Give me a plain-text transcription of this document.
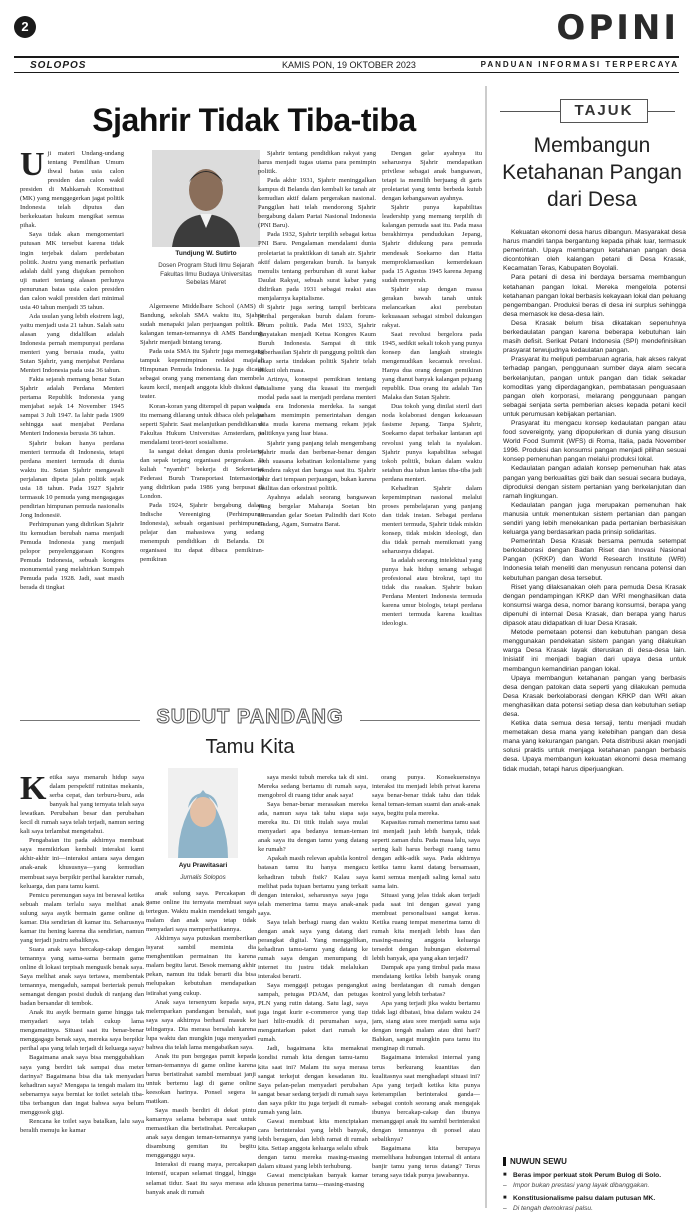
2	OPINI
SOLOPOS	KAMIS PON, 19 OKTOBER 2023	PANDUAN INFORMASI TERPERCAYA
Sjahrir Tidak Tiba-tiba
U ji materi Undang-undang tentang Pemilihan Umum ihwal batas usia calon presiden dan calon wakil presiden di Mahkamah Konstitusi (MK) yang menggegerkan jagat politik Indonesia telah diputus dan berkekuatan hukum mengikat semua pihak.

Saya tidak akan mengomentari putusan MK tersebut karena tidak ingin terjebak dalam perdebatan politik. Justru yang menarik perhatian adalah dalil yang diajukan pemohon uji materi tentang alasan perlunya penurunan batas usia calon presiden dan calon wakil presiden dari minimal usia 40 tahun menjadi 35 tahun.

Ada usulan yang lebih ekstrem lagi, yaitu menjadi usia 21 tahun. Salah satu alasan yang didalilkan adalah Indonesia pernah mempunyai perdana menteri yang berusia muda, yaitu Sutan Sjahrir, yang menjabat Perdana Menteri Indonesia pada usia 36 tahun.

Fakta sejarah memang benar Sutan Sjahrir adalah Perdana Menteri pertama Republik Indonesia yang menjabat sejak 14 November 1945 sampai 3 Juli 1947. Ia lahir pada 1909 sehingga saat menjabat Perdana Menteri Indonesia berusia 36 tahun.

Sjahrir bukan hanya perdana menteri termuda di Indonesia, tetapi perdana menteri termuda di dunia waktu itu. Sutan Sjahrir mengawali perjalanan dipeta jalan politik sejak usia 18 tahun. Pada 1927 Sjahrir termasuk 10 pemuda yang mengagagas pendirian himpunan pemuda nasionalis Jong Indonesië.

Perhimpunan yang didirikan Sjahrir itu kemudian berubah nama menjadi Pemuda Indonesia yang menjadi pelopor penyelenggaraan Kongres Pemuda Indonesia, sebuah kongres monumental yang melahirkan Sumpah Pemuda pada 1928. Jadi, saat masih berada di tingkat

Tundjung W. Sutirto
Dosen Program Studi Ilmu Sejarah Fakultas Ilmu Budaya Universitas Sebelas Maret

Algemeene Middelbare School (AMS) di Bandung, sekolah SMA waktu itu, Sjahrir sudah menapaki jalan perjuangan politik. Di kalangan teman-temannya di AMS Bandung, Sjahrir menjadi bintang terang.

Pada usia SMA itu Sjahrir juga memegang tampuk kepemimpinan redaksi majalah Himpunan Pemuda Indonesia. Ia juga dicatat sebagai orang yang menentang dan membela kaum kecil, menjadi anggota klub diskusi dan teater.

Koran-koran yang ditempel di papan waktu itu memang dilarang untuk dibaca oleh pelajar seperti Sjahrir. Saat melanjutkan pendidikan di Fakultas Hukum Universitas Amsterdam, ia mendalami teori-teori sosialisme.

Ia sangat dekat dengan dunia proletariat dan sepak terjang organisasi pergerakan. Ia kuliah "nyambi" bekerja di Sekretariat Federasi Buruh Transportasi Internasional yang didirikan pada 1986 yang berpusat di London.

Pada 1924, Sjahrir bergabung dalam Indische Vereeniging (Perhimpunan Indonesia), sebuah organisasi perhimpunan pelajar dan mahasiswa yang sedang menempuh pendidikan di Belanda. Di organisasi itu dapat dibaca pemikiran-pemikiran

Sjahrir tentang pendidikan rakyat yang harus menjadi tugas utama para pemimpin politik.

Pada akhir 1931, Sjahrir meninggalkan kampus di Belanda dan kembali ke tanah air kemudian aktif dalam pergerakan nasional. Panggilan hati telah mendorong Sjahrir bergabung dalam Partai Nasional Indonesia (PNI Baru).

Pada 1932, Sjahrir terpilih sebagai ketua PNI Baru. Pengalaman mendalami dunia proletariat ia praktikkan di tanah air. Sjahrir aktif dalam pergerakan buruh. Ia banyak menulis tentang perburuhan di surat kabar Daulat Rakyat, sebuah surat kabar yang didirikan pada 1931 sebagai reaksi atas menjalarnya kapitalisme.

Sjahrir juga sering tampil berbicara perihal pergerakan buruh dalam forum-forum politik. Pada Mei 1933, Sjahrir dinyatakan menjadi Ketua Kongres Kaum Buruh Indonesia. Sampai di titik keberhasilan Sjahrir di panggung politik dan sikap serta tindakan politik Sjahrir telah diikuti oleh masa.

Artinya, konsepsi pemikiran tentang sosialisme yang dia kuasai itu menjadi modal pada saat ia menjadi perdana menteri pada era Indonesia merdeka. Ia sangat paham memimpin pemerintahan dengan usia muda karena memang rekam jejak politiknya yang luar biasa.

Sjahrir yang panjang telah mengembang Sjahrir muda dan berbenar-benar dengan oleh suasana kebatinan kolonialisme yang mendera rakyat dan bangsa saat itu. Sjahrir lahir dari tempaan perjuangan, bukan karena fasilitas dan orkestrasi politik.

Ayahnya adalah seorang bangsawan yang bergelar Maharaja Soetan bin Lemandan gelar Soetan Palindih dari Koto Gadang, Agam, Sumatra Barat.

Dengan gelar ayahnya itu seharusnya Sjahrir mendapatkan privilese sebagai anak bangsawan, tetapi ia memilih berjuang di garis proletariat yang tentu berbeda kutub dengan kebangsawan ayahnya.

Sjahrir punya kapabilitas leadership yang memang terpilih di kalangan pemuda saat itu. Pada masa berakhirnya pendudukan Jepang, Sjahrir didukung para pemuda mendesak Soekarno dan Hatta memproklamasikan kemerdekaan pada 15 Agustus 1945 karena Jepang sudah menyerah.

Sjahrir siap dengan massa gerakan bawah tanah untuk melancarkan aksi perebutan kekuasaan sebagai simbol dukungan rakyat.

Saat revolusi bergelora pada 1945, sedikit sekali tokoh yang punya konsep dan langkah strategis mengemudikan kecamuk revolusi. Hanya dua orang dengan pemikiran yang dianut banyak kalangan pejuang republik. Dua orang itu adalah Tan Malaka dan Sutan Sjahrir.

Dua tokoh yang dinilai steril dari noda kolaborasi dengan kekuasaan fasisme Jepang. Tanpa Sjahrir, Soekarno dapat terbakar lantaran api revolusi yang telah ia nyalakan. Sjahrir punya kapabilitas sebagai tokoh politik, bukan dalam waktu setahun dua tahun lantas tiba-tiba jadi perdana menteri.

Kehadiran Sjahrir dalam kepemimpinan nasional melalui proses pembelajaran yang panjang dan tidak instan. Sebagai perdana menteri termuda, Sjahrir tidak miskin konsep, tidak miskin ideologi, dan dia tidak pernah memikmati yang seharusnya didapat.

Ia adalah seorang intelektual yang punya hak hidup senang sebagai profesional atau birokrat, tapi itu tidak dia rasakan. Sjahrir bukan Perdana Menteri Indonesia termuda karena umur biologis, tetapi perdana menteri termuda karena kualitas ideologis.

SUDUT PANDANG
Tamu Kita
K etika saya menaruh hidup saya dalam perspektif rutinitas mekanis, serba cepat, dan terburu-buru, ada banyak hal yang ternyata telah saya lewatkan. Perubahan besar dan perubahan kecil di rumah saya telah terjadi, namun sering kali saya terlambat mengetahui.

Pengabaian itu pada akhirnya membuat saya memikirkan kembali interaksi kami akhir-akhir ini—interaksi antara saya dengan anak-anak khususnya—yang kemudian membuat saya berpikir perihal karakter rumah, keluarga, dan para tamu kami.

Pemicu perenungan saya ini berawal ketika sebuah malam terlalu saya melihat anak sulung saya asyik bermain game online di kamar. Dia sendirian di kamar itu. Seharusnya kamar itu hening karena dia sendirian, namun yang terjadi justru sebaliknya.

Suara anak saya bercakap-cakap dengan temannya yang sama-sama bermain game online di lokasi terpisah mengusik benak saya. Saya melihat anak saya tertawa, membentak temannya, mengaduh, sampai berteriak penuh semangat dengan posisi duduk di ranjang dan badan bersandar di tembok.

Anak itu asyik bermain game hingga tak menyadari saya telah cukup lama mengamatinya. Situasi saat itu benar-benar menggagagu benak saya, mereka saya berpikir perihal apa yang telah terjadi di keluarga saya?

Bagaimana anak saya bisa menggubahkan saya yang berdiri tak sampai dua meter darinya? Bagaimana bisa dia tak menyadari kehadiran saya? Mengapa ia tengah malam itu sebenarnya saya berniat ke toilet setelah tiba-tiba terbangun dan ingat bahwa saya belum menggosok gigi.

Rencana ke toilet saya batalkan, lalu saya beralih menuju ke kamar

Ayu Prawitasari
Jurnalis Solopos

anak sulung saya. Percakapan di game online itu ternyata membuat saya tertegun. Waktu makin mendekati tengah malam dan anak saya tetap tidak menyadari saya memperhatikannya.

Akhirnya saya putuskan memberikan isyarat sambil meminta dia menghentikan permainan itu karena malam begitu larut. Besok memang akhir pekan, namun itu tidak berarti dia bisa melupakan kebutuhan mendapatkan istirahat yang cukup.

Anak saya tersenyum kepada saya, melemparkan pandangan bersalah, saat saya saya akhirnya berhasil masuk ke telinganya. Dia merasa bersalah karena lupa waktu dan mungkin juga menyadari bahwa dia telah lama mengabaikan saya.

Anak itu pun bergegas pamit kepada teman-temannya di game online karena harus beristirahat sambil membuat janji untuk bertemu lagi di game online keesokan harinya. Ponsel segera ia matikan.

Saya masih berdiri di dekat pintu kamarnya selama beberapa saat untuk memastikan dia beristirahat. Percakapan anak saya dengan teman-temannya yang disambung gemitan itu begitu mengganggu saya.

Interaksi di ruang maya, percakapan intensif, ucapan selamat tinggal, hingga selamat tidur. Saat itu saya merasa ada banyak anak di rumah

saya meski tubuh mereka tak di sini. Mereka sedang bertamu di rumah saya, mengobrol di ruang tidur anak saya!

Saya benar-benar merasakan mereka ada, namun saya tak tahu siapa saja mereka itu. Di titik itulah saya mulai menyadari apa bedanya teman-teman anak saya itu dengan tamu yang datang ke rumah?

Apakah masih relevan apabila kontrol batasan tamu itu hanya mengacu kehadiran tubuh fisik? Kalau saya melihat pada tujuan bertamu yang terkait dengan interaksi, seharusnya saya juga telah menerima tamu maya anak-anak saya.

Saya telah berbagi ruang dan waktu dengan anak saya yang datang dari perangkat digital. Yang menggelikan, kehadiran tamu-tamu yang datang ke rumah saya dengan menumpang di internet itu justru tidak melalukan interaksi berarti.

Saya menggaji petugas pengangkut sampah, petugas PDAM, dan petugas PLN yang rutin datang. Satu lagi, saya juga ingat kurir e-commerce yang tiap hari hilir-mudik di perumahan saya, mengantarkan paket dari rumah ke rumah.

Jadi, bagaimana kita memaknai kondisi rumah kita dengan tamu-tamu kita saat ini? Malam itu saya merasa sangat terkejut dengan kesadaran itu. Saya pelan-pelan menyadari perubahan sangat besar sedang terjadi di rumah saya dan saya pikir itu juga terjadi di rumah-rumah yang lain.

Gawai membuat kita menciptakan cara berinteraksi yang lebih banyak, lebih beragam, dan lebih ramai di rumah kita. Setiap anggota keluarga selalu sibuk dengan tamu mereka masing-masing dalam situasi yang lebih terhubung.

Gawai menciptakan banyak kamar khusus penerima tamu—masing-masing

orang punya. Konsekuensinya interaksi itu menjadi lebih privat karena saya benar-benar tidak tahu dan tidak kenal teman-teman suami dan anak-anak saya, begitu pula mereka.

Kapasitas rumah menerima tamu saat ini menjadi jauh lebih banyak, tidak seperti zaman dulu. Pada masa lalu, saya sering kali harus berbagi ruang tamu dengan adik-adik saya. Pada akhirnya ketika tamu kami datang bersamaan, kami semua menjadi saling kenal satu sama lain.

Situasi yang jelas tidak akan terjadi pada saat ini dengan gawai yang membuat personalisasi sangat keras. Ketika ruang tempat menerima tamu di rumah kita menjadi lebih luas dan masing-masing anggota keluarga tersedot dengan hubungan eksternal lebih banyak, apa yang akan terjadi?

Dampak apa yang timbul pada masa mendatang ketika lebih banyak orang asing berdatangan di rumah dengan kontrol yang lebih terbatas?

Apa yang terjadi jika waktu bertamu tidak lagi dibatasi, bisa dalam waktu 24 jam, siang atau sore menjadi sama saja dengan tengah malam atau dini hari? Bahkan, sangat mungkin para tamu itu menginap di rumah.

Bagaimana interaksi internal yang terus berkurang kuantitas dan kualitasnya saat menghadapi situasi ini? Apa yang terjadi ketika kita punya keterampilan berinteraksi ganda—sebagai contoh seorang anak mengajak ibunya bercakap-cakap dan ibunya menanggapi anak itu sambil berinteraksi dengan temannya di ponsel atau sebaliknya?

Bagaimana kita berupaya memelihara hubungan internal di antara banjir tamu yang terus datang? Terus terang saya tidak punya jawabannya.

TAJUK
Membangun Ketahanan Pangan dari Desa

Kekuatan ekonomi desa harus dibangun. Masyarakat desa harus mandiri tanpa bergantung kepada pihak luar, termasuk pemerintah. Upaya membangun ketahanan pangan desa dicontohkan oleh kalangan petani di Desa Krasak, Kecamatan Teras, Kabupaten Boyolali.

Para petani di desa ini berdaya bersama membangun ketahanan pangan lokal. Mereka mengelola potensi ketahanan pangan lokal berbasis kekayaan lokal dan peluang pengembangan. Produksi beras di desa ini surplus sehingga desa memasok ke desa-desa lain.

Desa Krasak belum bisa dikatakan sepenuhnya berkedaulatan pangan karena beberapa kebutuhan lain masih defisit. Serikat Petani Indonesia (SPI) mendefinisikan prasyarat terwujudnya kedaulatan pangan.

Prasyarat itu meliputi pembaruan agraria, hak akses rakyat terhadap pangan, penggunaan sumber daya alam secara berkelanjutan, pangan untuk pangan dan tidak sekadar komoditas yang diperdagangkan, pembatasan penguasaan pangan oleh korporasi, melarang penggunaan pangan sebagai senjata serta pemberian akses kepada petani kecil untuk perumusan kebijakan pertanian.

Prasyarat itu mengacu konsep kedaulatan pangan atau food sovereignty, yang dipopulerkan di dunia yang disusun World Food Summit (WFS) di Roma, Italia, pada November 1996. Produksi dan konsumsi pangan menjadi pilihan sesuai konsep pemenuhan pangan melalui produksi lokal.

Kedaulatan pangan adalah konsep pemenuhan hak atas pangan yang berkualitas gizi baik dan sesuai secara budaya, diproduksi dengan sistem pertanian yang berkelanjutan dan ramah lingkungan.

Kedaulatan pangan juga merupakan pemenuhan hak manusia untuk menentukan sistem pertanian dan pangan sendiri yang lebih menekankan pada pertanian berbasiskan keluarga yang berdasarkan pada prinsip solidaritas.

Pemerintah Desa Krasak bersama pemuda setempat berkolaborasi dengan Badan Riset dan Inovasi Nasional Pangan (KRKP) dan World Research Institute (WRI) Indonesia telah meneliti dan menyusun rencana potensi dan kebutuhan pangan desa tersebut.

Riset yang dilaksanakan oleh para pemuda Desa Krasak dengan pendampingan KRKP dan WRI menghasilkan data konsumsi warga desa, nomor barang konsumsi, berapa yang dipenuhi di internal Desa Krasak, dan berapa yang harus dipasok atau didapatkan di luar Desa Krasak.

Metode pemetaan potensi dan kebutuhan pangan desa menggunakan pendekatan sistem pangan yang dilakukan warga Desa Krasak layak diteruskan di desa-desa lain. Inisiatif ini menjadi bagian dari upaya desa untuk membangun kemandirian pangan lokal.

Upaya membangun ketahanan pangan yang berbasis desa dengan patokan data seperti yang dilakukan pemuda Desa Krasak berkolaborasi dengan KRKP dan WRI akan menghasilkan data potensi setiap desa dan kebutuhan setiap desa.

Ketika data semua desa tersaji, tentu menjadi mudah memetakan desa mana yang kelebihan pangan dan desa mana yang kekurangan pangan. Peta distribusi akan menjadi solusi praktis untuk menjaga ketahanan pangan berbasis desa. Upaya membangun kekuatan ekonomi desa memang tidak mudah, tetapi harus diperjuangkan.

NUWUN SEWU
■ Beras impor perkuat stok Perum Bulog di Solo.
– Impor bukan prestasi yang layak dibanggakan.
■ Konstitusionalisme palsu dalam putusan MK.
– Di tengah demokrasi palsu.
